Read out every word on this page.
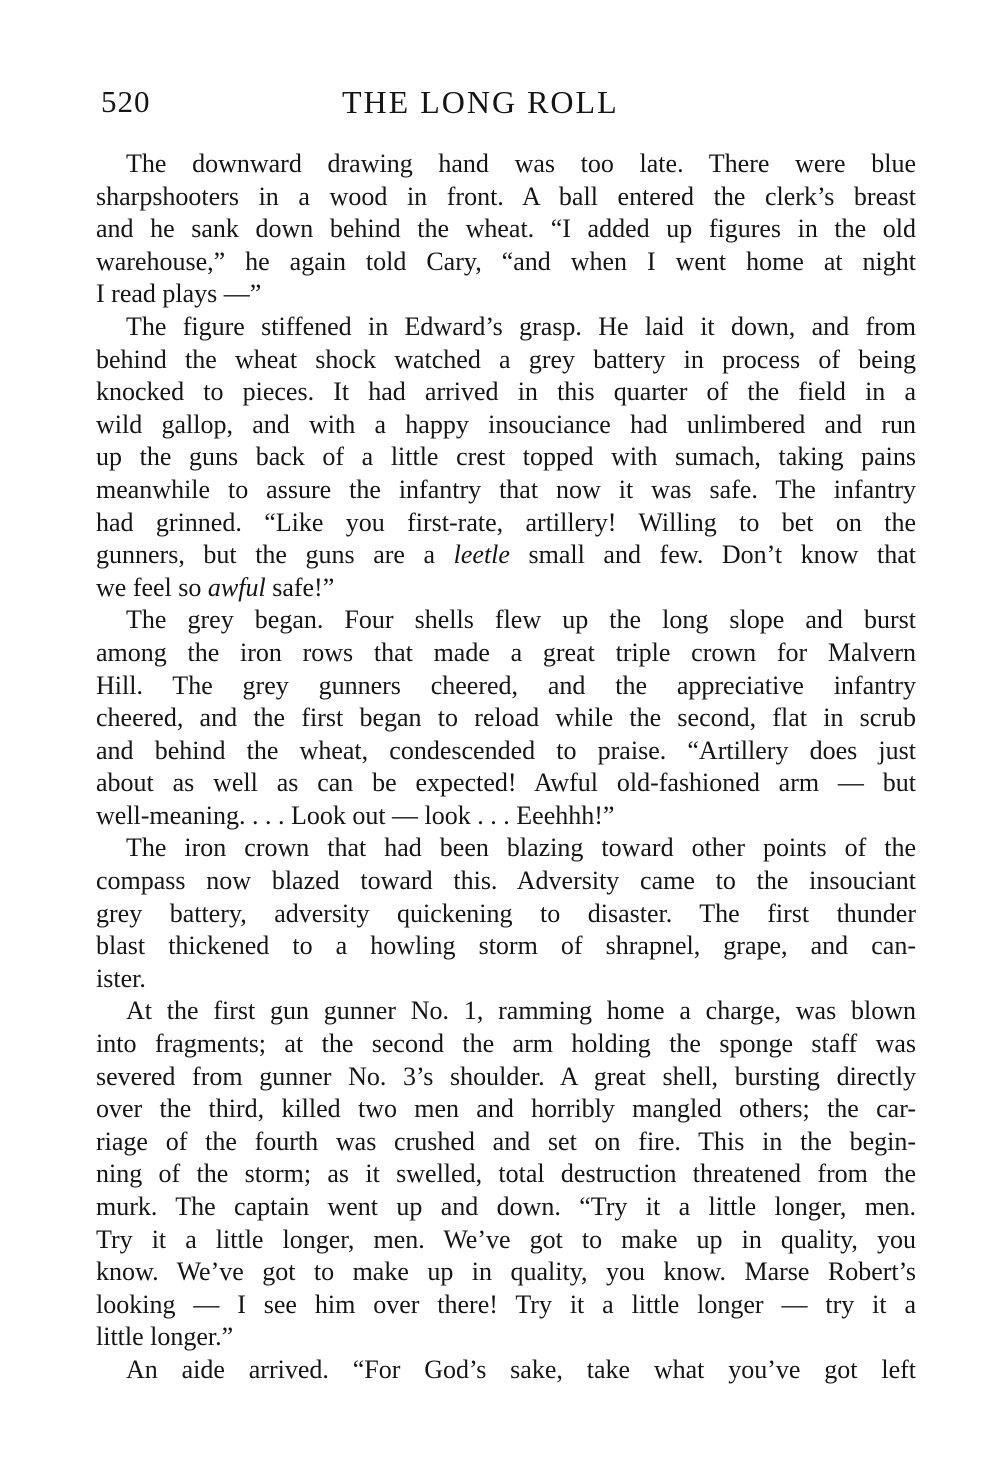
520	THE LONG ROLL
The downward drawing hand was too late. There were blue
sharpshooters in a wood in front. A ball entered the clerk’s breast
and he sank down behind the wheat. “I added up figures in the old
warehouse,” he again told Cary, “and when I went home at night
I read plays —”
The figure stiffened in Edward’s grasp. He laid it down, and from
behind the wheat shock watched a grey battery in process of being
knocked to pieces. It had arrived in this quarter of the field in a
wild gallop, and with a happy insouciance had unlimbered and run
up the guns back of a little crest topped with sumach, taking pains
meanwhile to assure the infantry that now it was safe. The infantry
had grinned. “Like you first-rate, artillery! Willing to bet on the
gunners, but the guns are a leetle small and few. Don’t know that
we feel so awful safe!”
The grey began. Four shells flew up the long slope and burst
among the iron rows that made a great triple crown for Malvern
Hill. The grey gunners cheered, and the appreciative infantry
cheered, and the first began to reload while the second, flat in scrub
and behind the wheat, condescended to praise. “Artillery does just
about as well as can be expected! Awful old-fashioned arm — but
well-meaning. . . . Look out — look . . . Eeehhh!”
The iron crown that had been blazing toward other points of the
compass now blazed toward this. Adversity came to the insouciant
grey battery, adversity quickening to disaster. The first thunder
blast thickened to a howling storm of shrapnel, grape, and can-
ister.
At the first gun gunner No. 1, ramming home a charge, was blown
into fragments; at the second the arm holding the sponge staff was
severed from gunner No. 3’s shoulder. A great shell, bursting directly
over the third, killed two men and horribly mangled others; the car-
riage of the fourth was crushed and set on fire. This in the begin-
ning of the storm; as it swelled, total destruction threatened from the
murk. The captain went up and down. “Try it a little longer, men.
Try it a little longer, men. We’ve got to make up in quality, you
know. We’ve got to make up in quality, you know. Marse Robert’s
looking — I see him over there! Try it a little longer — try it a
little longer.”
An aide arrived. “For God’s sake, take what you’ve got left
